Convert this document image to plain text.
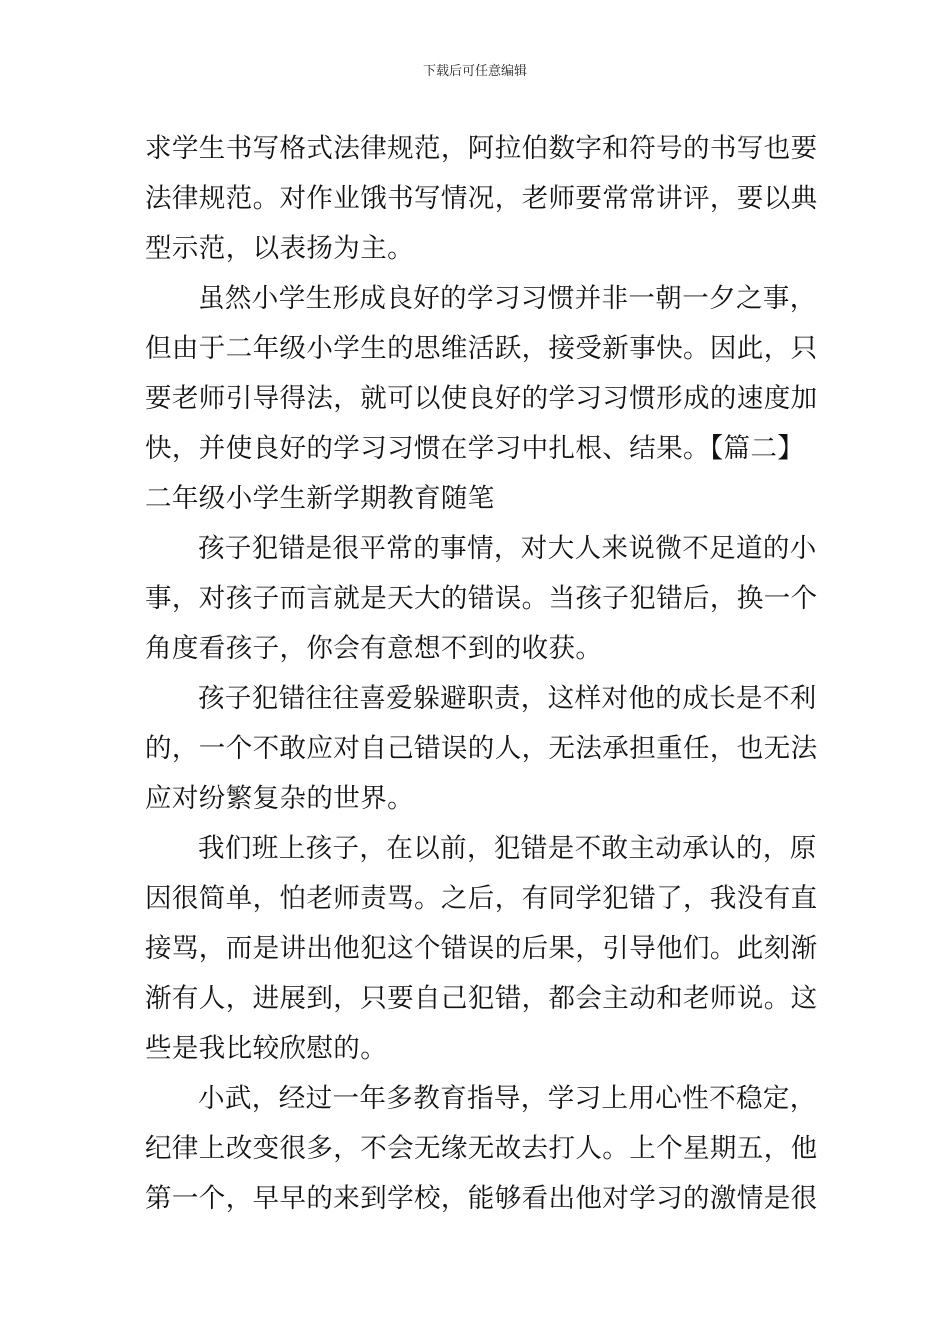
下载后可任意编辑
求学生书写格式法律规范，阿拉伯数字和符号的书写也要
法律规范。对作业饿书写情况，老师要常常讲评，要以典
型示范，以表扬为主。
虽然小学生形成良好的学习习惯并非一朝一夕之事，
但由于二年级小学生的思维活跃，接受新事快。因此，只
要老师引导得法，就可以使良好的学习习惯形成的速度加
快，并使良好的学习习惯在学习中扎根、结果。【篇二】
二年级小学生新学期教育随笔
孩子犯错是很平常的事情，对大人来说微不足道的小
事，对孩子而言就是天大的错误。当孩子犯错后，换一个
角度看孩子，你会有意想不到的收获。
孩子犯错往往喜爱躲避职责，这样对他的成长是不利
的，一个不敢应对自己错误的人，无法承担重任，也无法
应对纷繁复杂的世界。
我们班上孩子，在以前，犯错是不敢主动承认的，原
因很简单，怕老师责骂。之后，有同学犯错了，我没有直
接骂，而是讲出他犯这个错误的后果，引导他们。此刻渐
渐有人，进展到，只要自己犯错，都会主动和老师说。这
些是我比较欣慰的。
小武，经过一年多教育指导，学习上用心性不稳定，
纪律上改变很多，不会无缘无故去打人。上个星期五，他
第一个，早早的来到学校，能够看出他对学习的激情是很
